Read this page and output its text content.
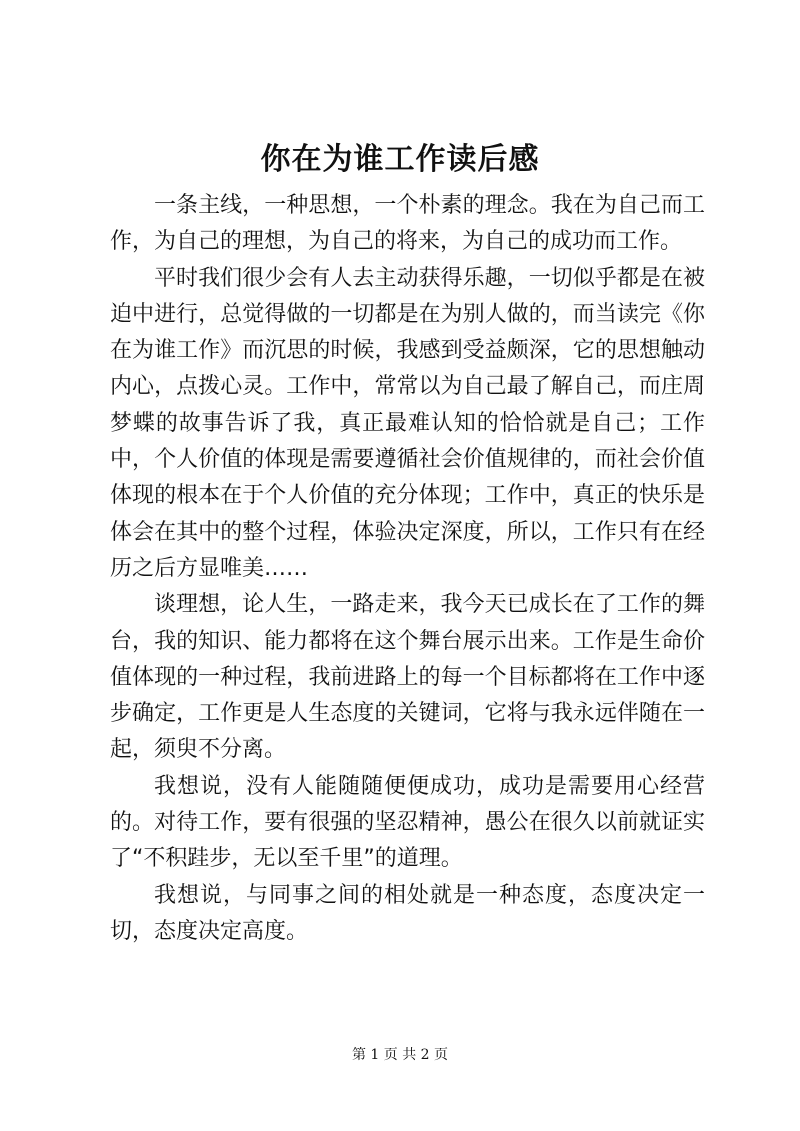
你在为谁工作读后感

一条主线，一种思想，一个朴素的理念。我在为自己而工作，为自己的理想，为自己的将来，为自己的成功而工作。

平时我们很少会有人去主动获得乐趣，一切似乎都是在被迫中进行，总觉得做的一切都是在为别人做的，而当读完《你在为谁工作》而沉思的时候，我感到受益颇深，它的思想触动内心，点拨心灵。工作中，常常以为自己最了解自己，而庄周梦蝶的故事告诉了我，真正最难认知的恰恰就是自己；工作中，个人价值的体现是需要遵循社会价值规律的，而社会价值体现的根本在于个人价值的充分体现；工作中，真正的快乐是体会在其中的整个过程，体验决定深度，所以，工作只有在经历之后方显唯美……

谈理想，论人生，一路走来，我今天已成长在了工作的舞台，我的知识、能力都将在这个舞台展示出来。工作是生命价值体现的一种过程，我前进路上的每一个目标都将在工作中逐步确定，工作更是人生态度的关键词，它将与我永远伴随在一起，须臾不分离。

我想说，没有人能随随便便成功，成功是需要用心经营的。对待工作，要有很强的坚忍精神，愚公在很久以前就证实了“不积跬步，无以至千里”的道理。

我想说，与同事之间的相处就是一种态度，态度决定一切，态度决定高度。

第 1 页 共 2 页
